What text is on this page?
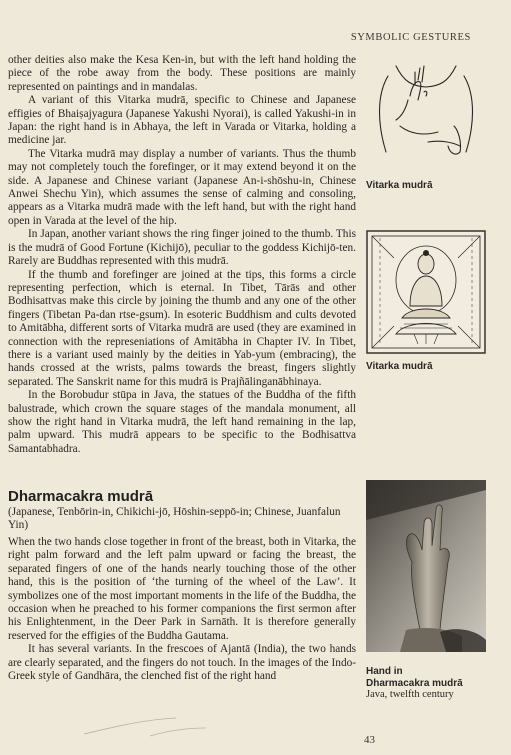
SYMBOLIC GESTURES

other deities also make the Kesa Ken-in, but with the left hand holding the piece of the robe away from the body. These positions are mainly represented on paintings and in mandalas.

A variant of this Vitarka mudrā, specific to Chinese and Japanese effigies of Bhaiṣajyagura (Japanese Yakushi Nyorai), is called Yakushi-in in Japan: the right hand is in Abhaya, the left in Varada or Vitarka, holding a medicine jar.

The Vitarka mudrā may display a number of variants. Thus the thumb may not completely touch the forefinger, or it may extend beyond it on the side. A Japanese and Chinese variant (Japanese An-i-shōshu-in, Chinese Anwei Shechu Yin), which assumes the sense of calming and consoling, appears as a Vitarka mudrā made with the left hand, but with the right hand open in Varada at the level of the hip.

In Japan, another variant shows the ring finger joined to the thumb. This is the mudrā of Good Fortune (Kichijō), peculiar to the goddess Kichijō-ten. Rarely are Buddhas represented with this mudrā.

If the thumb and forefinger are joined at the tips, this forms a circle representing perfection, which is eternal. In Tibet, Tārās and other Bodhisattvas make this circle by joining the thumb and any one of the other fingers (Tibetan Pa-dan rtse-gsum). In esoteric Buddhism and cults devoted to Amitābha, different sorts of Vitarka mudrā are used (they are examined in connection with the represeniations of Amitābha in Chapter IV. In Tibet, there is a variant used mainly by the deities in Yab-yum (embracing), the hands crossed at the wrists, palms towards the breast, fingers slightly separated. The Sanskrit name for this mudrā is Prajñālinganābhinaya.

In the Borobudur stūpa in Java, the statues of the Buddha of the fifth balustrade, which crown the square stages of the mandala monument, all show the right hand in Vitarka mudrā, the left hand remaining in the lap, palm upward. This mudrā appears to be specific to the Bodhisattva Samantabhadra.

Dharmacakra mudrā
(Japanese, Tenbōrin-in, Chikichi-jō, Hōshin-seppō-in; Chinese, Juanfalun Yin)

When the two hands close together in front of the breast, both in Vitarka, the right palm forward and the left palm upward or facing the breast, the separated fingers of one of the hands nearly touching those of the other hand, this is the position of ‘the turning of the wheel of the Law’. It symbolizes one of the most important moments in the life of the Buddha, the occasion when he preached to his former companions the first sermon after his Enlightenment, in the Deer Park in Sarnāth. It is therefore generally reserved for the effigies of the Buddha Gautama.

It has several variants. In the frescoes of Ajantā (India), the two hands are clearly separated, and the fingers do not touch. In the images of the Indo-Greek style of Gandhāra, the clenched fist of the right hand

Vitarka mudrā
Vitarka mudrā
Hand in
Dharmacakra mudrā
Java, twelfth century
43
